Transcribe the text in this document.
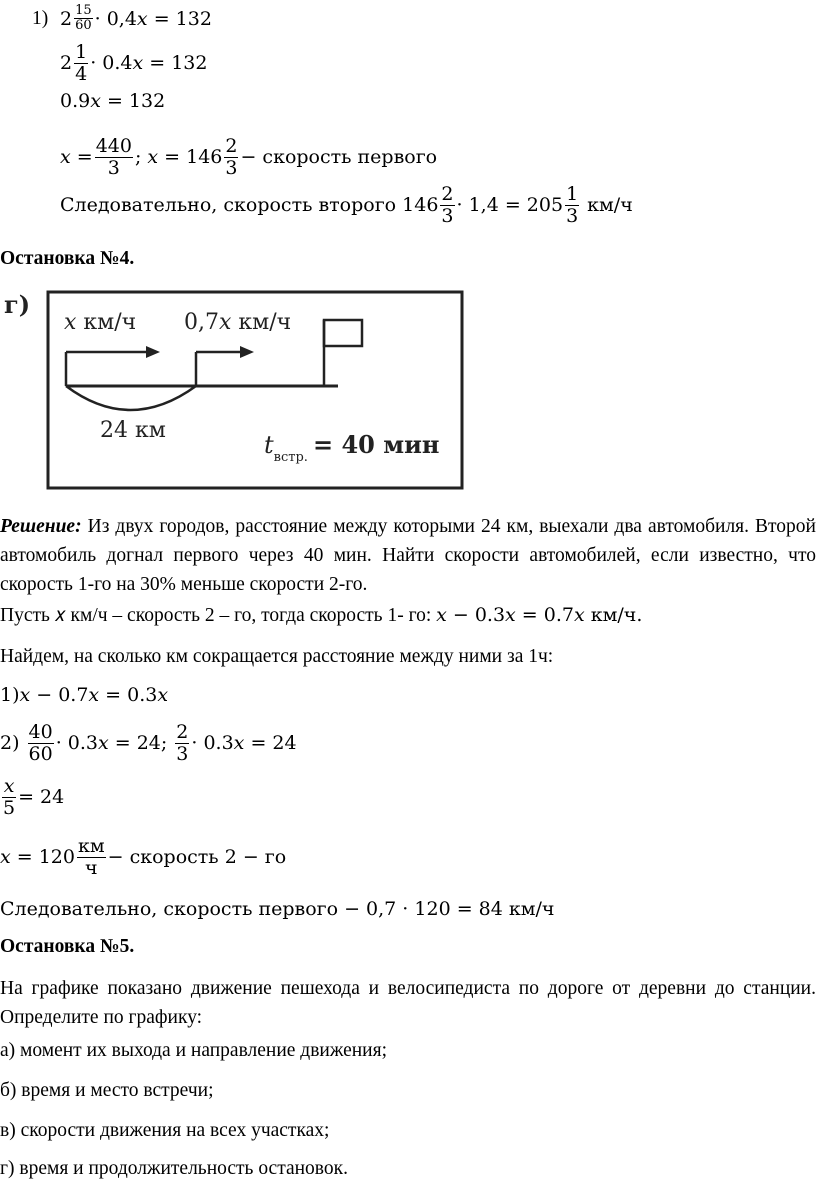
1) $2 \frac{15}{60}$ · 0,4𝑥 = 132
$2 \frac{1}{4}$ · 0.4𝑥 = 132
0.9𝑥 = 132
𝑥 = $\frac{440}{3}$ ; 𝑥 = $146 \frac{2}{3}$ − скорость первого
Следовательно, скорость второго $146 \frac{2}{3} \cdot 1,4 = 205 \frac{1}{3} км/ч$
Остановка №4.
г)
𝑥 км/ч 0,7𝑥 км/ч
24 км
𝑡$_{встр.}$ = 40 мин
Решение: Из двух городов, расстояние между которыми 24 км, выехали два автомобиля. Второй автомобиль догнал первого через 40 мин. Найти скорости автомобилей, если известно, что скорость 1-го на 30% меньше скорости 2-го.
Пусть 𝑥 км/ч – скорость 2 – го, тогда скорость 1- го: 𝑥 − 0.3𝑥 = 0.7𝑥 км/ч.
Найдем, на сколько км сокращается расстояние между ними за 1ч:
1)𝑥 − 0.7𝑥 = 0.3𝑥
$2) \frac{40}{60}$ · 0.3𝑥 = 24; $\frac{2}{3}$ · 0.3𝑥 = 24
$\frac{\text{𝑥}}{5} = 24$
𝑥 = $120 \frac{км}{ч}$ − скорость 2 − го
Следовательно, скорость первого − 0,7 · 120 = 84 км/ч
Остановка №5.
На графике показано движение пешехода и велосипедиста по дороге от деревни до станции. Определите по графику:
а) момент их выхода и направление движения;
б) время и место встречи;
в) скорости движения на всех участках;
г) время и продолжительность остановок.
